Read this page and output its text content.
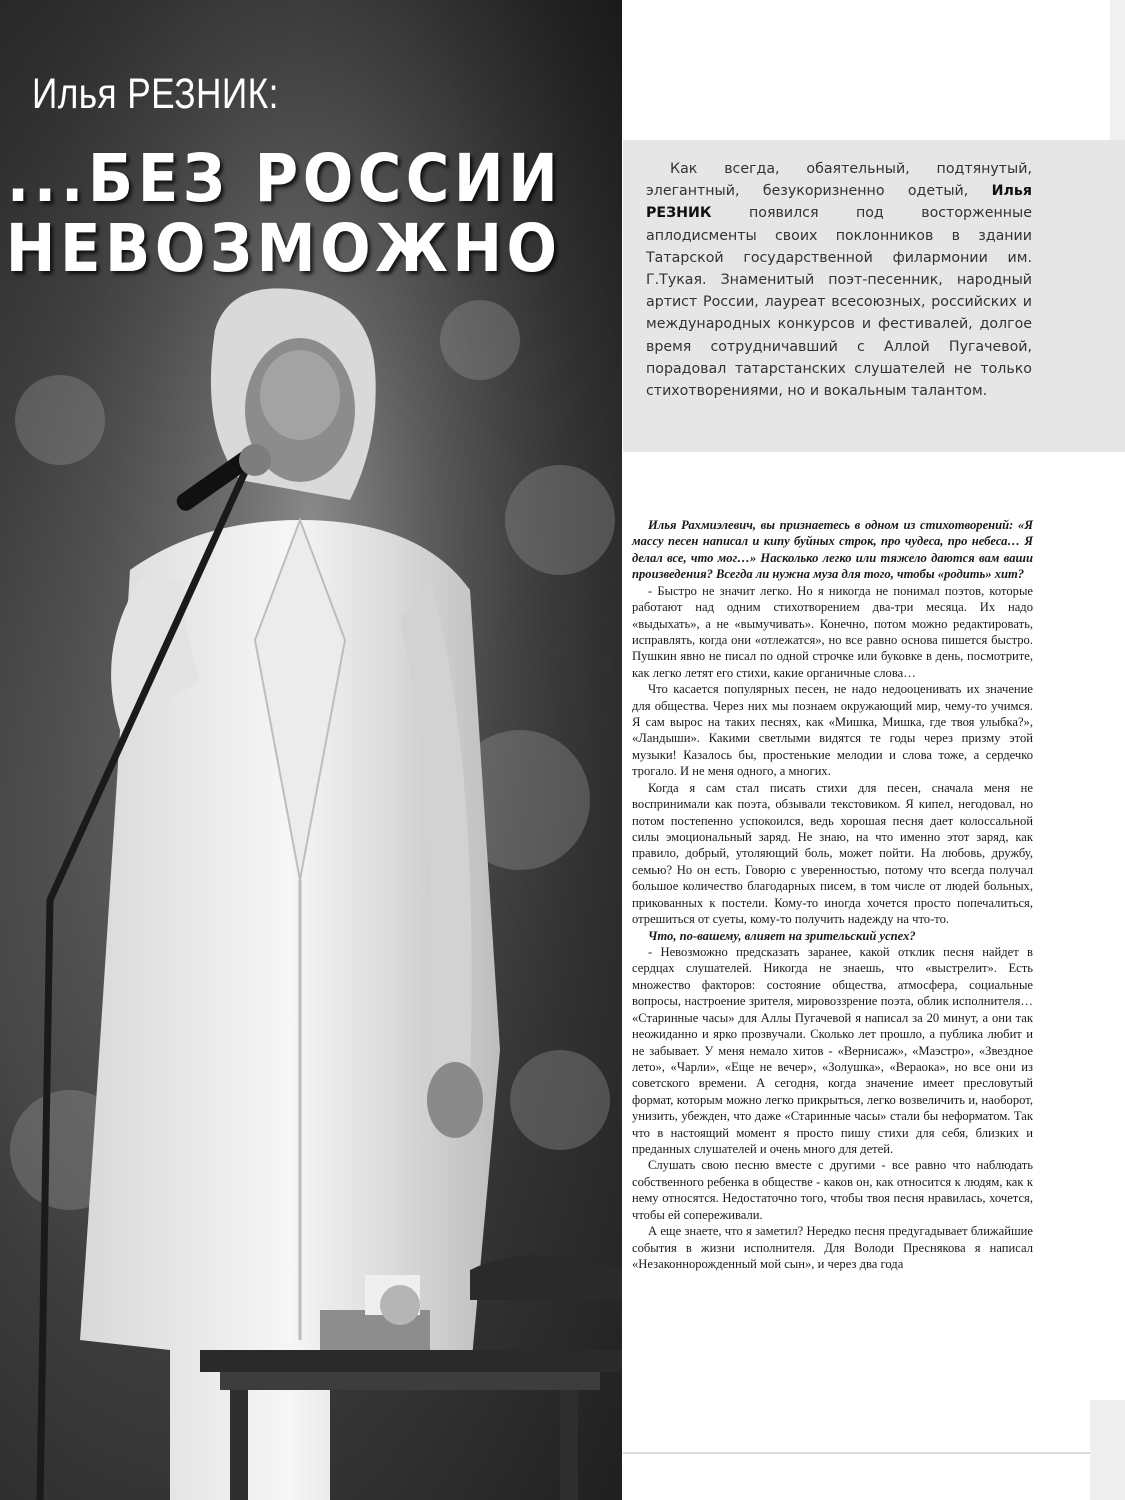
Илья РЕЗНИК:
...БЕЗ РОССИИ
НЕВОЗМОЖНО
Как всегда, обаятельный, подтянутый, элегантный, безукоризненно одетый, Илья РЕЗНИК появился под восторженные аплодисменты своих поклонников в здании Татарской государственной филармонии им. Г.Тукая. Знаменитый поэт-песенник, народный артист России, лауреат всесоюзных, российских и международных конкурсов и фестивалей, долгое время сотрудничавший с Аллой Пугачевой, порадовал татарстанских слушателей не только стихотворениями, но и вокальным талантом.

Илья Рахмиэлевич, вы признаетесь в одном из стихотворений: «Я массу песен написал и кипу буйных строк, про чудеса, про небеса… Я делал все, что мог…» Насколько легко или тяжело даются вам ваши произведения? Всегда ли нужна муза для того, чтобы «родить» хит?

- Быстро не значит легко. Но я никогда не понимал поэтов, которые работают над одним стихотворением два-три месяца. Их надо «выдыхать», а не «вымучивать». Конечно, потом можно редактировать, исправлять, когда они «отлежатся», но все равно основа пишется быстро. Пушкин явно не писал по одной строчке или буковке в день, посмотрите, как легко летят его стихи, какие органичные слова…

Что касается популярных песен, не надо недооценивать их значение для общества. Через них мы познаем окружающий мир, чему-то учимся. Я сам вырос на таких песнях, как «Мишка, Мишка, где твоя улыбка?», «Ландыши». Какими светлыми видятся те годы через призму этой музыки! Казалось бы, простенькие мелодии и слова тоже, а сердечко трогало. И не меня одного, а многих.

Когда я сам стал писать стихи для песен, сначала меня не воспринимали как поэта, обзывали текстовиком. Я кипел, негодовал, но потом постепенно успокоился, ведь хорошая песня дает колоссальной силы эмоциональный заряд. Не знаю, на что именно этот заряд, как правило, добрый, утоляющий боль, может пойти. На любовь, дружбу, семью? Но он есть. Говорю с уверенностью, потому что всегда получал большое количество благодарных писем, в том числе от людей больных, прикованных к постели. Кому-то иногда хочется просто попечалиться, отрешиться от суеты, кому-то получить надежду на что-то.

Что, по-вашему, влияет на зрительский успех?

- Невозможно предсказать заранее, какой отклик песня найдет в сердцах слушателей. Никогда не знаешь, что «выстрелит». Есть множество факторов: состояние общества, атмосфера, социальные вопросы, настроение зрителя, мировоззрение поэта, облик исполнителя… «Старинные часы» для Аллы Пугачевой я написал за 20 минут, а они так неожиданно и ярко прозвучали. Сколько лет прошло, а публика любит и не забывает. У меня немало хитов - «Вернисаж», «Маэстро», «Звездное лето», «Чарли», «Еще не вечер», «Золушка», «Вераока», но все они из советского времени. А сегодня, когда значение имеет пресловутый формат, которым можно легко прикрыться, легко возвеличить и, наоборот, унизить, убежден, что даже «Старинные часы» стали бы неформатом. Так что в настоящий момент я просто пишу стихи для себя, близких и преданных слушателей и очень много для детей.

Слушать свою песню вместе с другими - все равно что наблюдать собственного ребенка в обществе - каков он, как относится к людям, как к нему относятся. Недостаточно того, чтобы твоя песня нравилась, хочется, чтобы ей сопереживали.

А еще знаете, что я заметил? Нередко песня предугадывает ближайшие события в жизни исполнителя. Для Володи Преснякова я написал «Незаконнорожденный мой сын», и через два года
